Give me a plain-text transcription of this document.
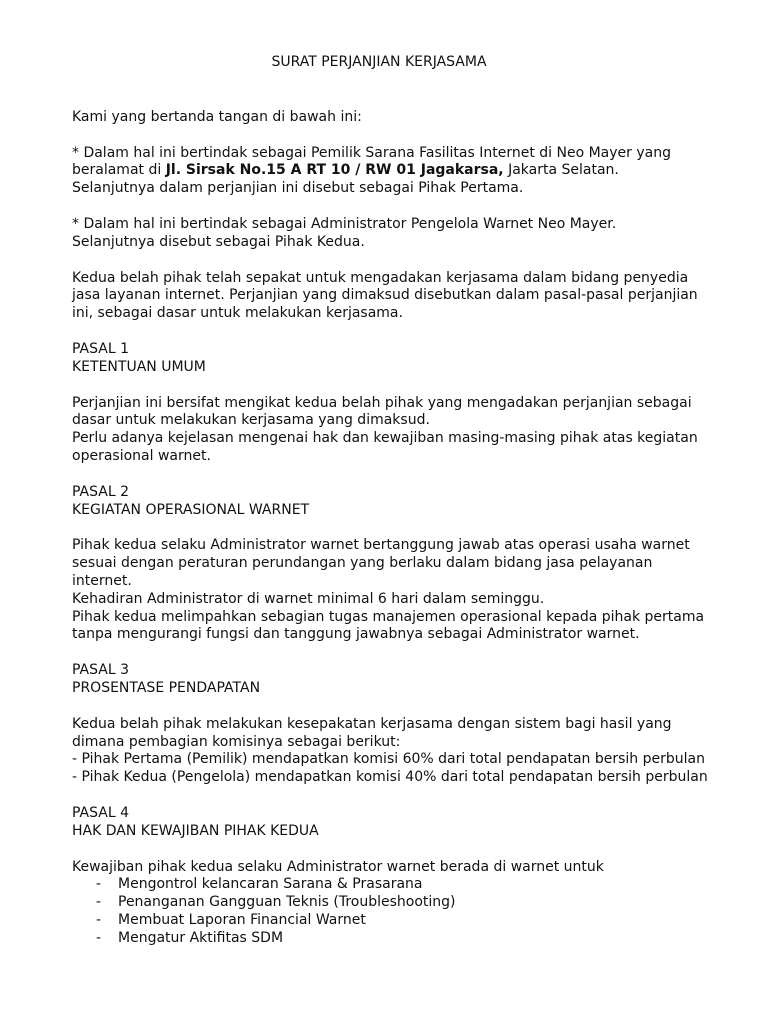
SURAT PERJANJIAN KERJASAMA

Kami yang bertanda tangan di bawah ini:

* Dalam hal ini bertindak sebagai Pemilik Sarana Fasilitas Internet di Neo Mayer yang

beralamat di Jl. Sirsak No.15 A RT 10 / RW 01 Jagakarsa, Jakarta Selatan.

Selanjutnya dalam perjanjian ini disebut sebagai Pihak Pertama.

* Dalam hal ini bertindak sebagai Administrator Pengelola Warnet Neo Mayer.

Selanjutnya disebut sebagai Pihak Kedua.

Kedua belah pihak telah sepakat untuk mengadakan kerjasama dalam bidang penyedia

jasa layanan internet. Perjanjian yang dimaksud disebutkan dalam pasal-pasal perjanjian

ini, sebagai dasar untuk melakukan kerjasama.

PASAL 1

KETENTUAN UMUM

Perjanjian ini bersifat mengikat kedua belah pihak yang mengadakan perjanjian sebagai

dasar untuk melakukan kerjasama yang dimaksud.

Perlu adanya kejelasan mengenai hak dan kewajiban masing-masing pihak atas kegiatan

operasional warnet.

PASAL 2

KEGIATAN OPERASIONAL WARNET

Pihak kedua selaku Administrator warnet bertanggung jawab atas operasi usaha warnet

sesuai dengan peraturan perundangan yang berlaku dalam bidang jasa pelayanan

internet.

Kehadiran Administrator di warnet minimal 6 hari dalam seminggu.

Pihak kedua melimpahkan sebagian tugas manajemen operasional kepada pihak pertama

tanpa mengurangi fungsi dan tanggung jawabnya sebagai Administrator warnet.

PASAL 3

PROSENTASE PENDAPATAN

Kedua belah pihak melakukan kesepakatan kerjasama dengan sistem bagi hasil yang

dimana pembagian komisinya sebagai berikut:

- Pihak Pertama (Pemilik) mendapatkan komisi 60% dari total pendapatan bersih perbulan

- Pihak Kedua (Pengelola) mendapatkan komisi 40% dari total pendapatan bersih perbulan

PASAL 4

HAK DAN KEWAJIBAN PIHAK KEDUA

Kewajiban pihak kedua selaku Administrator warnet berada di warnet untuk

- Mengontrol kelancaran Sarana & Prasarana
- Penanganan Gangguan Teknis (Troubleshooting)
- Membuat Laporan Financial Warnet
- Mengatur Aktifitas SDM
